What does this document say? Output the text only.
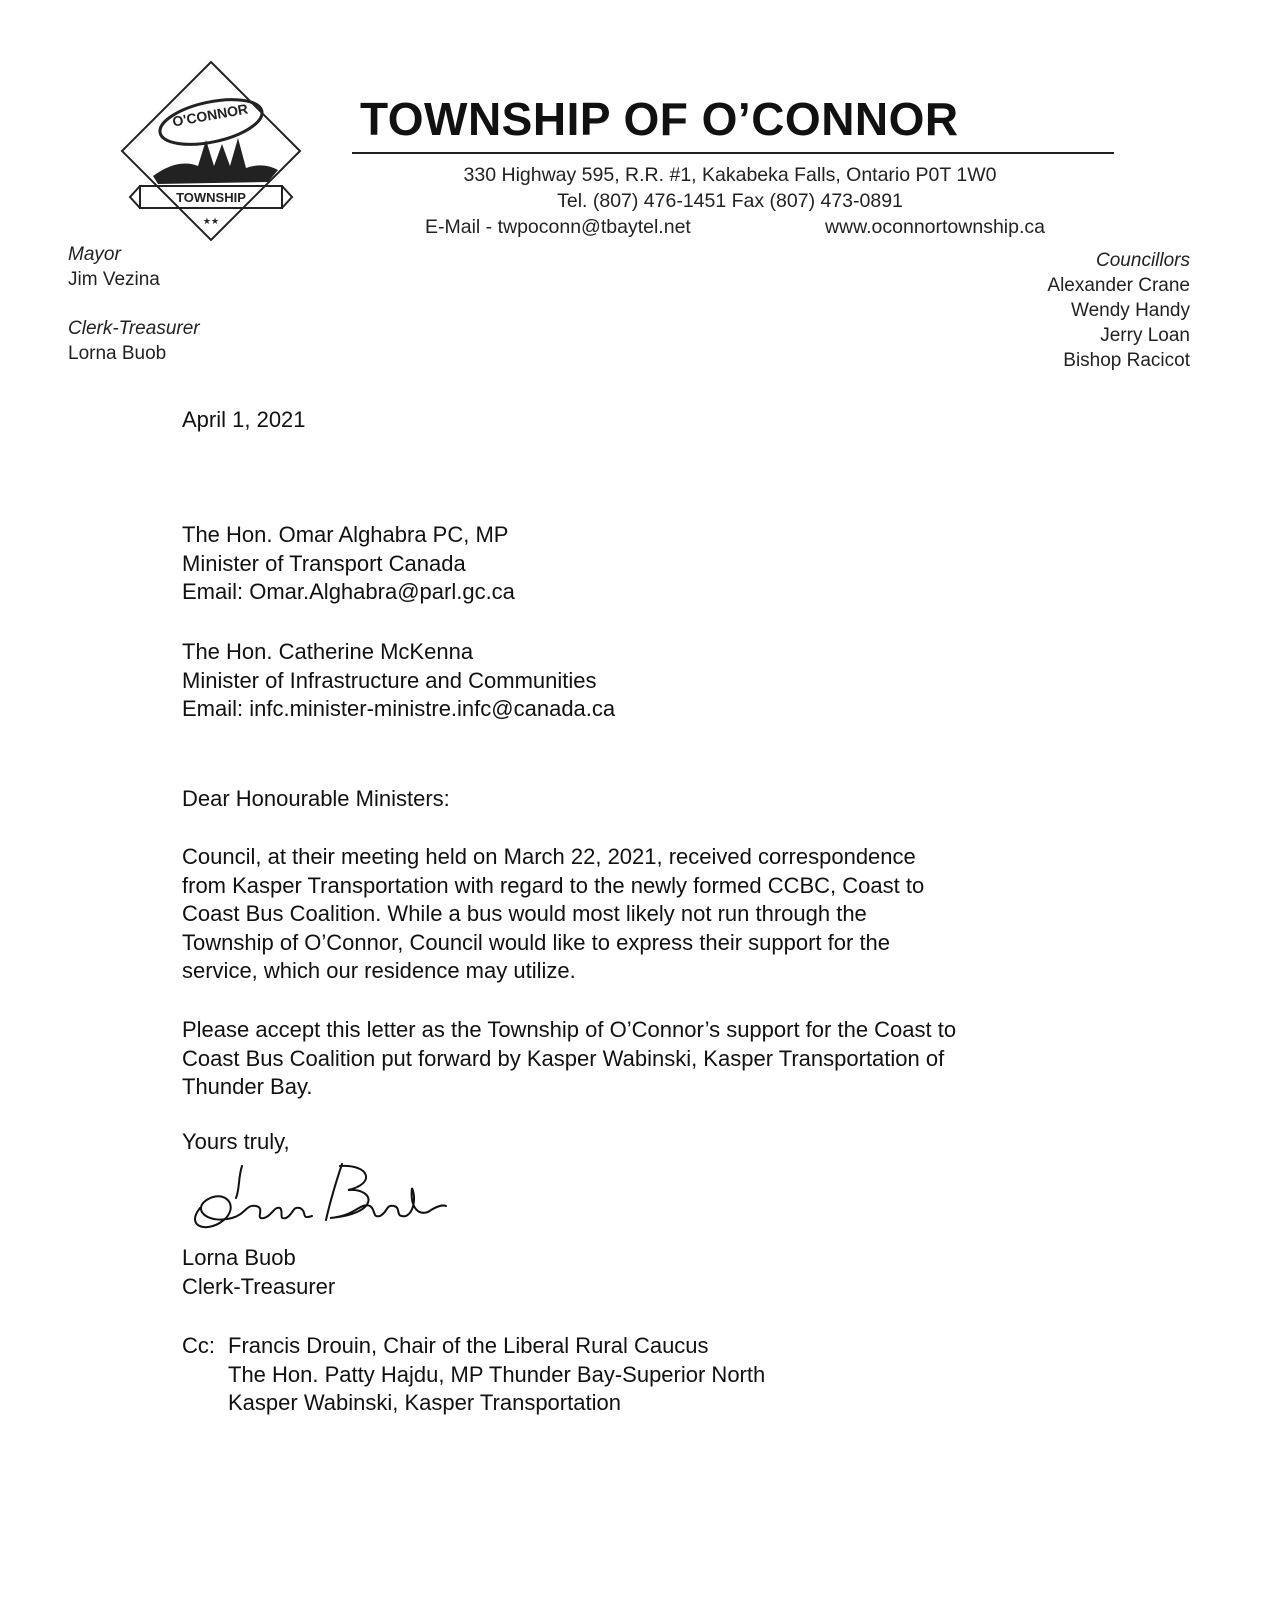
O'CONNOR
TOWNSHIP
★★
TOWNSHIP OF O’CONNOR
330 Highway 595, R.R. #1, Kakabeka Falls, Ontario P0T 1W0
Tel. (807) 476-1451 Fax (807) 473-0891
E-Mail - twpoconn@tbaytel.net	www.oconnortownship.ca
Mayor
Jim Vezina
Clerk-Treasurer
Lorna Buob
Councillors
Alexander Crane
Wendy Handy
Jerry Loan
Bishop Racicot
April 1, 2021
The Hon. Omar Alghabra PC, MP
Minister of Transport Canada
Email: Omar.Alghabra@parl.gc.ca
The Hon. Catherine McKenna
Minister of Infrastructure and Communities
Email: infc.minister-ministre.infc@canada.ca
Dear Honourable Ministers:
Council, at their meeting held on March 22, 2021, received correspondence
from Kasper Transportation with regard to the newly formed CCBC, Coast to
Coast Bus Coalition. While a bus would most likely not run through the
Township of O’Connor, Council would like to express their support for the
service, which our residence may utilize.
Please accept this letter as the Township of O’Connor’s support for the Coast to
Coast Bus Coalition put forward by Kasper Wabinski, Kasper Transportation of
Thunder Bay.
Yours truly,
Lorna Buob
Clerk-Treasurer
Cc: Francis Drouin, Chair of the Liberal Rural Caucus
The Hon. Patty Hajdu, MP Thunder Bay-Superior North
Kasper Wabinski, Kasper Transportation
